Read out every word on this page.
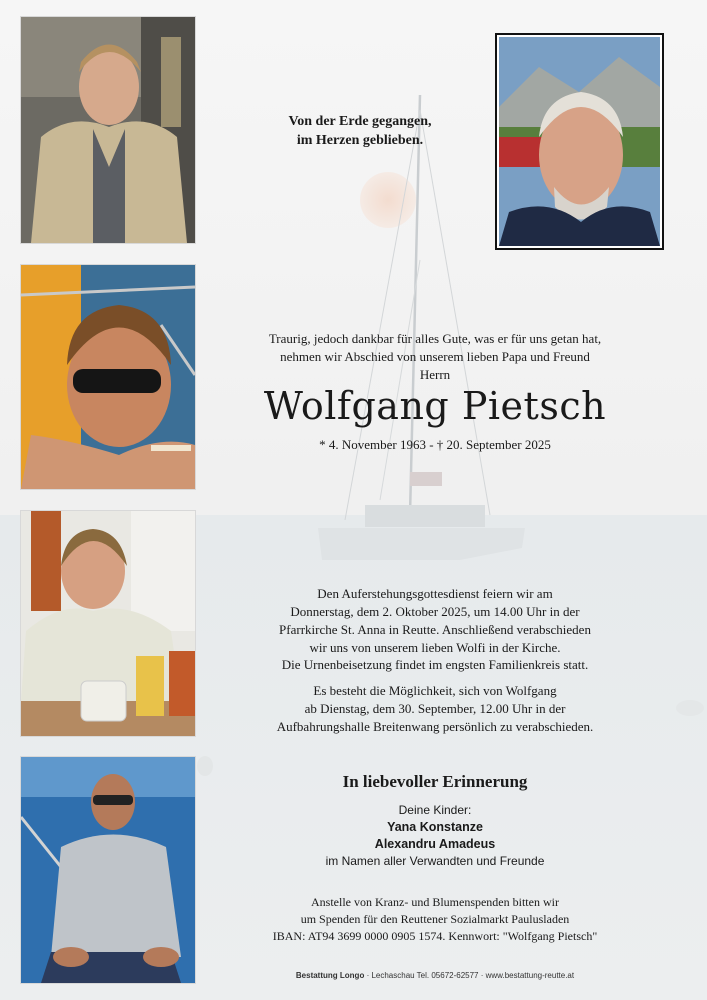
Von der Erde gegangen,
im Herzen geblieben.
Traurig, jedoch dankbar für alles Gute, was er für uns getan hat,
nehmen wir Abschied von unserem lieben Papa und Freund
Herrn
Wolfgang Pietsch
* 4. November 1963 - † 20. September 2025
Den Auferstehungsgottesdienst feiern wir am
Donnerstag, dem 2. Oktober 2025, um 14.00 Uhr in der
Pfarrkirche St. Anna in Reutte. Anschließend verabschieden
wir uns von unserem lieben Wolfi in der Kirche.
Die Urnenbeisetzung findet im engsten Familienkreis statt.
Es besteht die Möglichkeit, sich von Wolfgang
ab Dienstag, dem 30. September, 12.00 Uhr in der
Aufbahrungshalle Breitenwang persönlich zu verabschieden.
In liebevoller Erinnerung
Deine Kinder:
Yana Konstanze
Alexandru Amadeus
im Namen aller Verwandten und Freunde
Anstelle von Kranz- und Blumenspenden bitten wir
um Spenden für den Reuttener Sozialmarkt Paulusladen
IBAN: AT94 3699 0000 0905 1574. Kennwort: "Wolfgang Pietsch"
Bestattung Longo · Lechaschau Tel. 05672-62577 · www.bestattung-reutte.at
